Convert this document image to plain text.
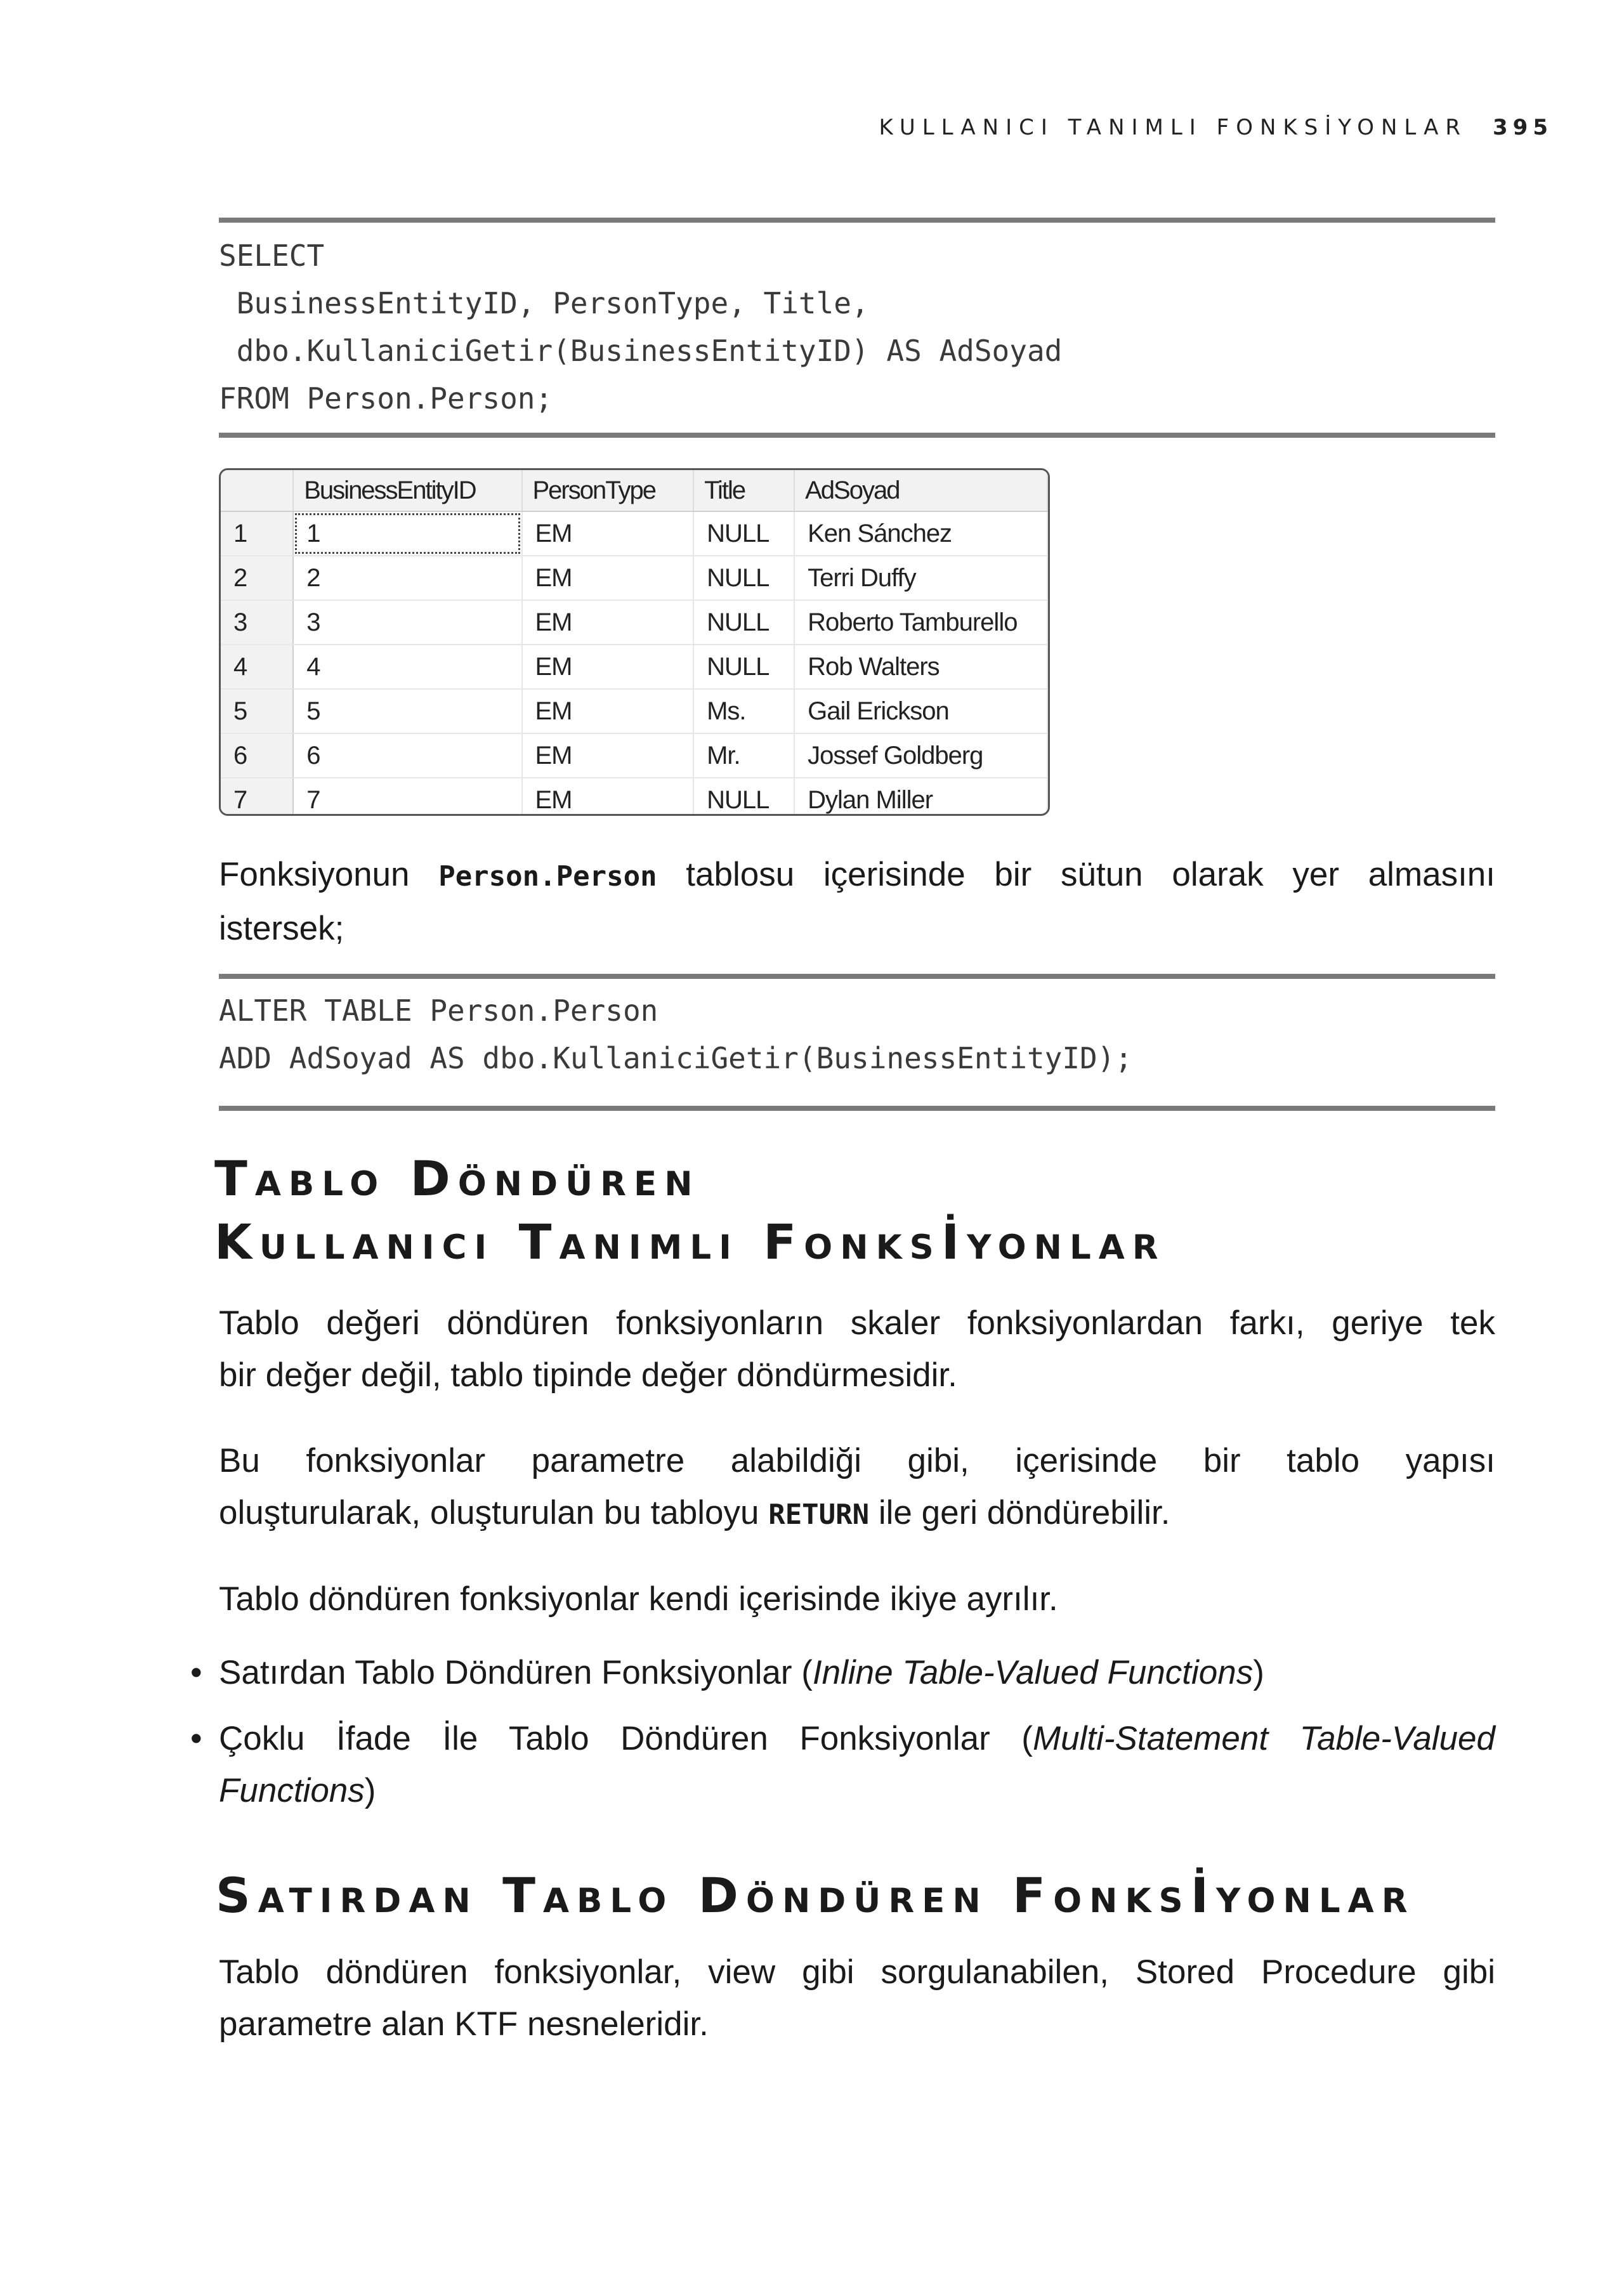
KULLANICI TANIMLI FONKSİYONLAR 395
SELECT
BusinessEntityID, PersonType, Title,
dbo.KullaniciGetir(BusinessEntityID) AS AdSoyad
FROM Person.Person;
	BusinessEntityID	PersonType	Title	AdSoyad
1	1	EM	NULL	Ken Sánchez
2	2	EM	NULL	Terri Duffy
3	3	EM	NULL	Roberto Tamburello
4	4	EM	NULL	Rob Walters
5	5	EM	Ms.	Gail Erickson
6	6	EM	Mr.	Jossef Goldberg
7	7	EM	NULL	Dylan Miller

Fonksiyonun Person.Person tablosu içerisinde bir sütun olarak yer almasını
istersek;

ALTER TABLE Person.Person
ADD AdSoyad AS dbo.KullaniciGetir(BusinessEntityID);
Tablo Döndüren
Kullanıcı Tanımlı Fonksİyonlar

Tablo değeri döndüren fonksiyonların skaler fonksiyonlardan farkı, geriye tek
bir değer değil, tablo tipinde değer döndürmesidir.

Bu fonksiyonlar parametre alabildiği gibi, içerisinde bir tablo yapısı
oluşturularak, oluşturulan bu tabloyu RETURN ile geri döndürebilir.

Tablo döndüren fonksiyonlar kendi içerisinde ikiye ayrılır.

• Satırdan Tablo Döndüren Fonksiyonlar (Inline Table-Valued Functions)

• Çoklu İfade İle Tablo Döndüren Fonksiyonlar (Multi-Statement Table-Valued
Functions)

Satırdan Tablo Döndüren Fonksİyonlar

Tablo döndüren fonksiyonlar, view gibi sorgulanabilen, Stored Procedure gibi
parametre alan KTF nesneleridir.
